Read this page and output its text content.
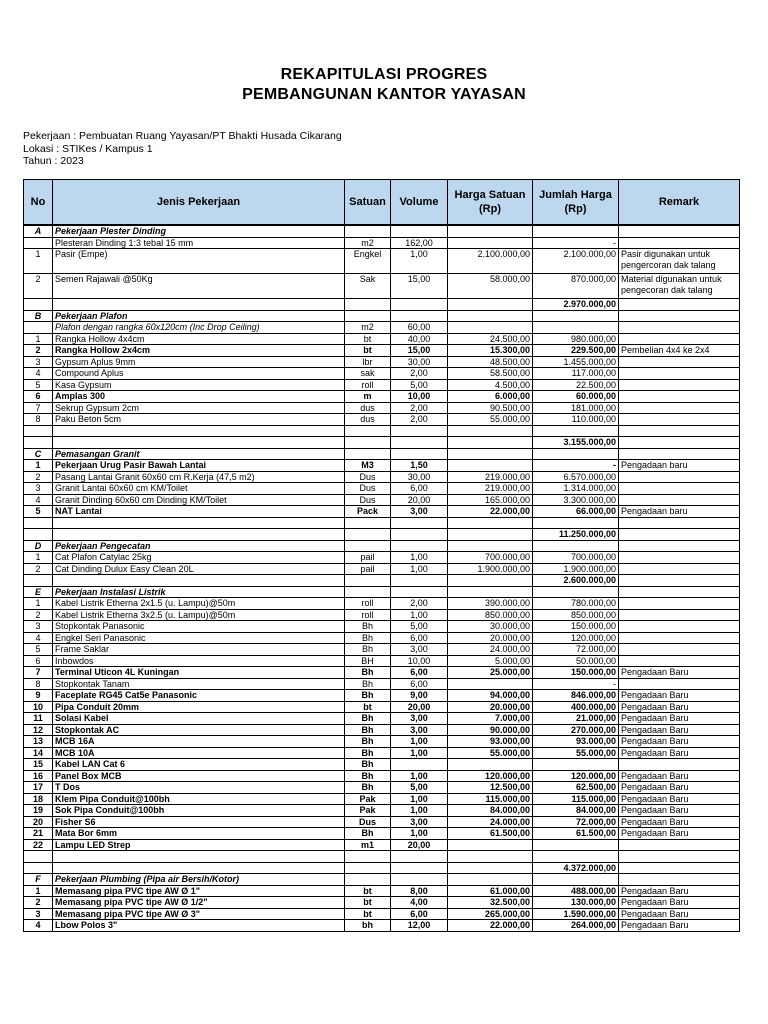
REKAPITULASI PROGRES
PEMBANGUNAN KANTOR YAYASAN
Pekerjaan : Pembuatan Ruang Yayasan/PT Bhakti Husada Cikarang
Lokasi : STIKes / Kampus 1
Tahun : 2023
No	Jenis Pekerjaan	Satuan	Volume	Harga Satuan (Rp)	Jumlah Harga (Rp)	Remark
A	Pekerjaan Plester Dinding					
	Plesteran Dinding 1:3 tebal 15 mm	m2	162,00		-	
1	Pasir (Empe)	Engkel	1,00	2.100.000,00	2.100.000,00	Pasir digunakan untuk pengercoran dak talang
2	Semen Rajawali @50Kg	Sak	15,00	58.000,00	870.000,00	Material digunakan untuk pengecoran dak talang
					2.970.000,00	
B	Pekerjaan Plafon					
	Plafon dengan rangka 60x120cm (Inc Drop Ceiling)	m2	60,00			
1	Rangka Hollow 4x4cm	bt	40,00	24.500,00	980.000,00	
2	Rangka Hollow 2x4cm	bt	15,00	15.300,00	229.500,00	Pembelian 4x4 ke 2x4
3	Gypsum Aplus 9mm	lbr	30,00	48.500,00	1.455.000,00	
4	Compound Aplus	sak	2,00	58.500,00	117.000,00	
5	Kasa Gypsum	roll	5,00	4.500,00	22.500,00	
6	Amplas 300	m	10,00	6.000,00	60.000,00	
7	Sekrup Gypsum 2cm	dus	2,00	90.500,00	181.000,00	
8	Paku Beton 5cm	dus	2,00	55.000,00	110.000,00	

					3.155.000,00	
C	Pemasangan Granit					
1	Pekerjaan Urug Pasir Bawah Lantai	M3	1,50		-	Pengadaan baru
2	Pasang Lantai Granit 60x60 cm R.Kerja (47,5 m2)	Dus	30,00	219.000,00	6.570.000,00	
3	Granit Lantai 60x60 cm KM/Toilet	Dus	6,00	219.000,00	1.314.000,00	
4	Granit Dinding 60x60 cm Dinding KM/Toilet	Dus	20,00	165.000,00	3.300.000,00	
5	NAT Lantai	Pack	3,00	22.000,00	66.000,00	Pengadaan baru

					11.250.000,00	
D	Pekerjaan Pengecatan					
1	Cat Plafon Catylac 25kg	pail	1,00	700.000,00	700.000,00	
2	Cat Dinding Dulux Easy Clean 20L	pail	1,00	1.900.000,00	1.900.000,00	
					2.600.000,00	
E	Pekerjaan Instalasi Listrik					
1	Kabel Listrik Etherna 2x1.5 (u. Lampu)@50m	roll	2,00	390.000,00	780.000,00	
2	Kabel Listrik Etherna 3x2.5 (u. Lampu)@50m	roll	1,00	850.000,00	850.000,00	
3	Stopkontak Panasonic	Bh	5,00	30.000,00	150.000,00	
4	Engkel Seri Panasonic	Bh	6,00	20.000,00	120.000,00	
5	Frame Saklar	Bh	3,00	24.000,00	72.000,00	
6	Inbowdos	BH	10,00	5.000,00	50.000,00	
7	Terminal Uticon 4L Kuningan	Bh	6,00	25.000,00	150.000,00	Pengadaan Baru
8	Stopkontak Tanam	Bh	6,00		-	
9	Faceplate RG45 Cat5e Panasonic	Bh	9,00	94.000,00	846.000,00	Pengadaan Baru
10	Pipa Conduit 20mm	bt	20,00	20.000,00	400.000,00	Pengadaan Baru
11	Solasi Kabel	Bh	3,00	7.000,00	21.000,00	Pengadaan Baru
12	Stopkontak AC	Bh	3,00	90.000,00	270.000,00	Pengadaan Baru
13	MCB 16A	Bh	1,00	93.000,00	93.000,00	Pengadaan Baru
14	MCB 10A	Bh	1,00	55.000,00	55.000,00	Pengadaan Baru
15	Kabel LAN Cat 6	Bh				
16	Panel Box MCB	Bh	1,00	120.000,00	120.000,00	Pengadaan Baru
17	T Dos	Bh	5,00	12.500,00	62.500,00	Pengadaan Baru
18	Klem Pipa Conduit@100bh	Pak	1,00	115.000,00	115.000,00	Pengadaan Baru
19	Sok Pipa Conduit@100bh	Pak	1,00	84.000,00	84.000,00	Pengadaan Baru
20	Fisher S6	Dus	3,00	24.000,00	72.000,00	Pengadaan Baru
21	Mata Bor 6mm	Bh	1,00	61.500,00	61.500,00	Pengadaan Baru
22	Lampu LED Strep	m1	20,00			

					4.372.000,00	
F	Pekerjaan Plumbing (Pipa air Bersih/Kotor)					
1	Memasang pipa PVC tipe AW Ø 1"	bt	8,00	61.000,00	488.000,00	Pengadaan Baru
2	Memasang pipa PVC tipe AW Ø 1/2"	bt	4,00	32.500,00	130.000,00	Pengadaan Baru
3	Memasang pipa PVC tipe AW Ø 3"	bt	6,00	265.000,00	1.590.000,00	Pengadaan Baru
4	Lbow Polos 3"	bh	12,00	22.000,00	264.000,00	Pengadaan Baru
